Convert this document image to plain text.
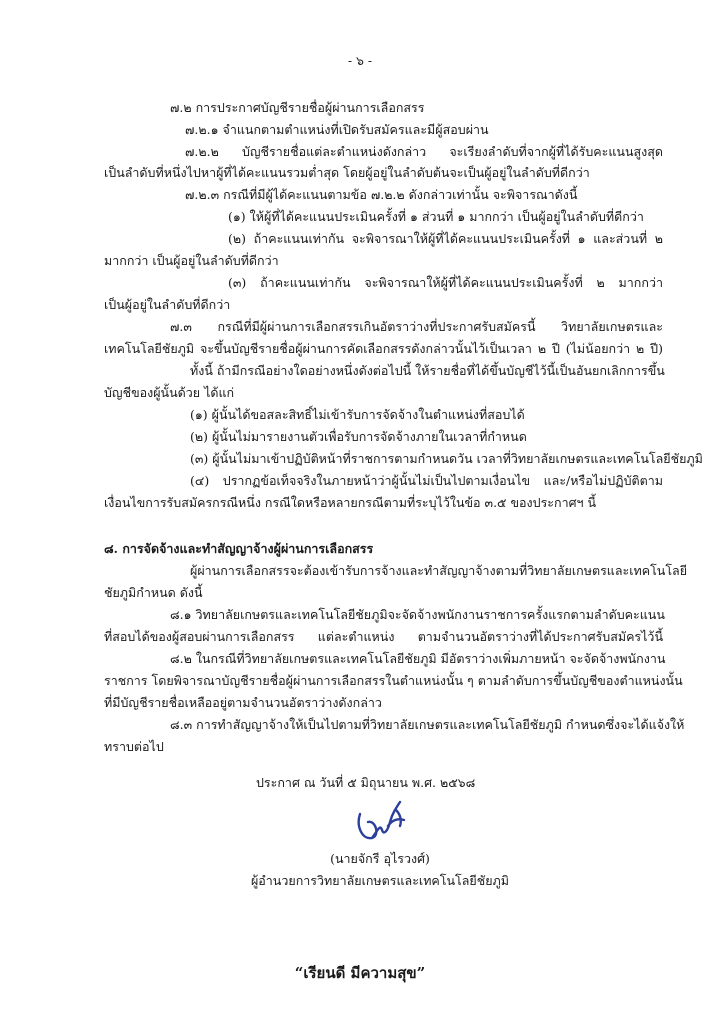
- ๖ -
๗.๒ การประกาศบัญชีรายชื่อผู้ผ่านการเลือกสรร
๗.๒.๑ จำแนกตามตำแหน่งที่เปิดรับสมัครและมีผู้สอบผ่าน
๗.๒.๒ บัญชีรายชื่อแต่ละตำแหน่งดังกล่าว จะเรียงลำดับที่จากผู้ที่ได้รับคะแนนสูงสุด
เป็นลำดับที่หนึ่งไปหาผู้ที่ได้คะแนนรวมต่ำสุด โดยผู้อยู่ในลำดับต้นจะเป็นผู้อยู่ในลำดับที่ดีกว่า
๗.๒.๓ กรณีที่มีผู้ได้คะแนนตามข้อ ๗.๒.๒ ดังกล่าวเท่านั้น จะพิจารณาดังนี้
(๑) ให้ผู้ที่ได้คะแนนประเมินครั้งที่ ๑ ส่วนที่ ๑ มากกว่า เป็นผู้อยู่ในลำดับที่ดีกว่า
(๒) ถ้าคะแนนเท่ากัน จะพิจารณาให้ผู้ที่ได้คะแนนประเมินครั้งที่ ๑ และส่วนที่ ๒
มากกว่า เป็นผู้อยู่ในลำดับที่ดีกว่า
(๓) ถ้าคะแนนเท่ากัน จะพิจารณาให้ผู้ที่ได้คะแนนประเมินครั้งที่ ๒ มากกว่า
เป็นผู้อยู่ในลำดับที่ดีกว่า
๗.๓ กรณีที่มีผู้ผ่านการเลือกสรรเกินอัตราว่างที่ประกาศรับสมัครนี้ วิทยาลัยเกษตรและ
เทคโนโลยีชัยภูมิ จะขึ้นบัญชีรายชื่อผู้ผ่านการคัดเลือกสรรดังกล่าวนั้นไว้เป็นเวลา ๒ ปี (ไม่น้อยกว่า ๒ ปี)
ทั้งนี้ ถ้ามีกรณีอย่างใดอย่างหนึ่งดังต่อไปนี้ ให้รายชื่อที่ได้ขึ้นบัญชีไว้นี้เป็นอันยกเลิกการขึ้น
บัญชีของผู้นั้นด้วย ได้แก่
(๑) ผู้นั้นได้ขอสละสิทธิ์ไม่เข้ารับการจัดจ้างในตำแหน่งที่สอบได้
(๒) ผู้นั้นไม่มารายงานตัวเพื่อรับการจัดจ้างภายในเวลาที่กำหนด
(๓) ผู้นั้นไม่มาเข้าปฏิบัติหน้าที่ราชการตามกำหนดวัน เวลาที่วิทยาลัยเกษตรและเทคโนโลยีชัยภูมิ
(๔) ปรากฏข้อเท็จจริงในภายหน้าว่าผู้นั้นไม่เป็นไปตามเงื่อนไข และ/หรือไม่ปฏิบัติตาม
เงื่อนไขการรับสมัครกรณีหนึ่ง กรณีใดหรือหลายกรณีตามที่ระบุไว้ในข้อ ๓.๕ ของประกาศฯ นี้
๘. การจัดจ้างและทำสัญญาจ้างผู้ผ่านการเลือกสรร
ผู้ผ่านการเลือกสรรจะต้องเข้ารับการจ้างและทำสัญญาจ้างตามที่วิทยาลัยเกษตรและเทคโนโลยี
ชัยภูมิกำหนด ดังนี้
๘.๑ วิทยาลัยเกษตรและเทคโนโลยีชัยภูมิจะจัดจ้างพนักงานราชการครั้งแรกตามลำดับคะแนน
ที่สอบได้ของผู้สอบผ่านการเลือกสรร แต่ละตำแหน่ง ตามจำนวนอัตราว่างที่ได้ประกาศรับสมัครไว้นี้
๘.๒ ในกรณีที่วิทยาลัยเกษตรและเทคโนโลยีชัยภูมิ มีอัตราว่างเพิ่มภายหน้า จะจัดจ้างพนักงาน
ราชการ โดยพิจารณาบัญชีรายชื่อผู้ผ่านการเลือกสรรในตำแหน่งนั้น ๆ ตามลำดับการขึ้นบัญชีของตำแหน่งนั้น
ที่มีบัญชีรายชื่อเหลืออยู่ตามจำนวนอัตราว่างดังกล่าว
๘.๓ การทำสัญญาจ้างให้เป็นไปตามที่วิทยาลัยเกษตรและเทคโนโลยีชัยภูมิ กำหนดซึ่งจะได้แจ้งให้
ทราบต่อไป
ประกาศ ณ วันที่ ๕ มิถุนายน พ.ศ. ๒๕๖๘
(นายจักรี อุไรวงศ์)
ผู้อำนวยการวิทยาลัยเกษตรและเทคโนโลยีชัยภูมิ
“เรียนดี มีความสุข”
